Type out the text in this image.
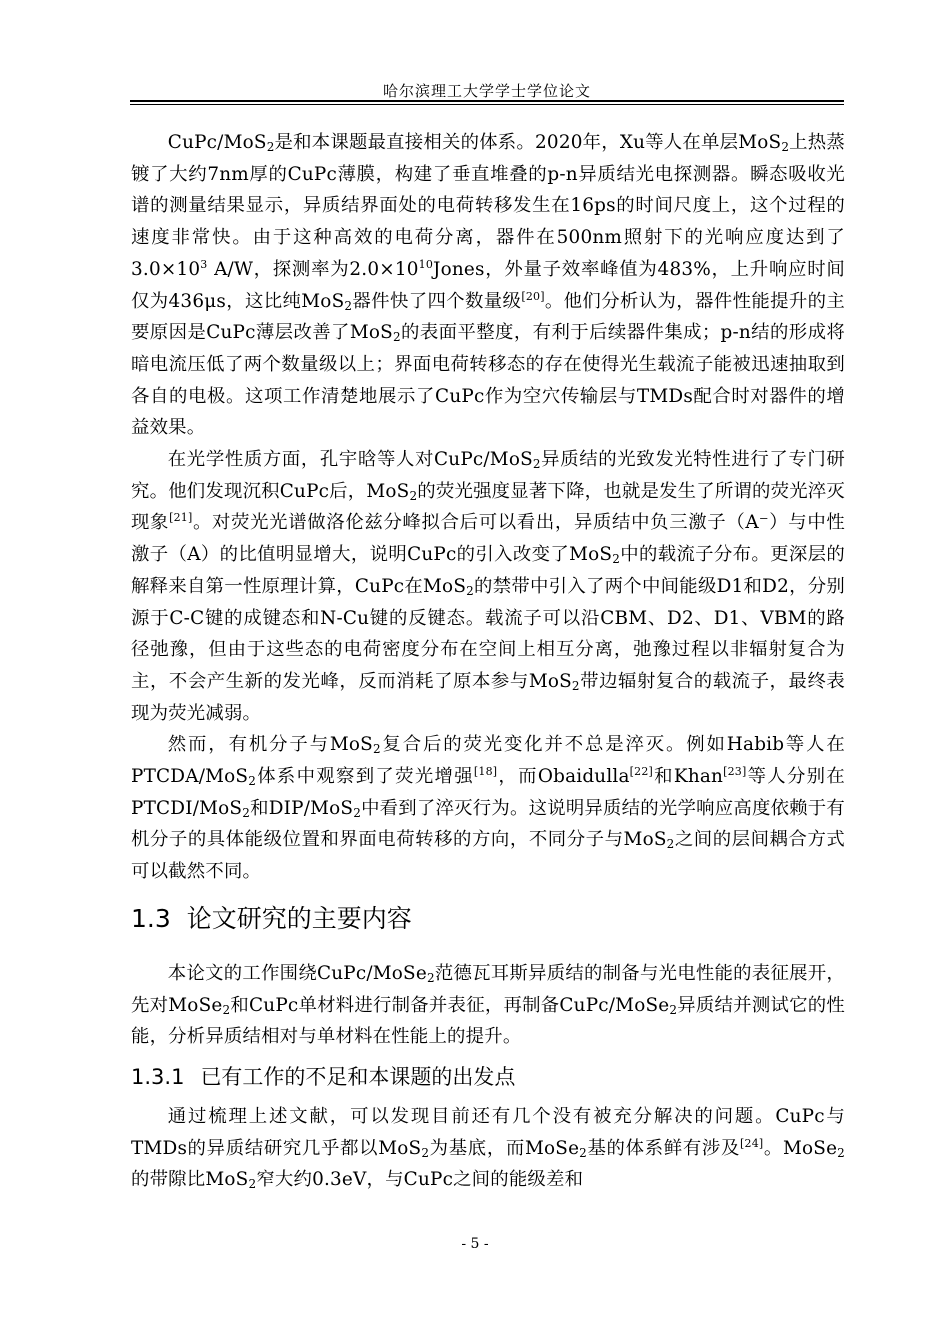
哈尔滨理工大学学士学位论文

CuPc/MoS$_2$是和本课题最直接相关的体系。2020年，Xu等人在单层MoS$_2$上热蒸镀了大约7nm厚的CuPc薄膜，构建了垂直堆叠的p-n异质结光电探测器。瞬态吸收光谱的测量结果显示，异质结界面处的电荷转移发生在16ps的时间尺度上，这个过程的速度非常快。由于这种高效的电荷分离，器件在500nm照射下的光响应度达到了$3.0\times 10^3$ A/W，探测率为$2.0\times 10^{10}Jones$，外量子效率峰值为483%，上升响应时间仅为436μs，这比纯MoS$_2$器件快了四个数量级[20]。他们分析认为，器件性能提升的主要原因是CuPc薄层改善了MoS$_2$的表面平整度，有利于后续器件集成；p-n结的形成将暗电流压低了两个数量级以上；界面电荷转移态的存在使得光生载流子能被迅速抽取到各自的电极。这项工作清楚地展示了CuPc作为空穴传输层与TMDs配合时对器件的增益效果。

在光学性质方面，孔宇晗等人对CuPc/MoS$_2$异质结的光致发光特性进行了专门研究。他们发现沉积CuPc后，MoS$_2$的荧光强度显著下降，也就是发生了所谓的荧光淬灭现象[21]。对荧光光谱做洛伦兹分峰拟合后可以看出，异质结中负三激子（A⁻）与中性激子（A）的比值明显增大，说明CuPc的引入改变了MoS$_2$中的载流子分布。更深层的解释来自第一性原理计算，CuPc在MoS$_2$的禁带中引入了两个中间能级D1和D2，分别源于C-C键的成键态和N-Cu键的反键态。载流子可以沿CBM、D2、D1、VBM的路径弛豫，但由于这些态的电荷密度分布在空间上相互分离，弛豫过程以非辐射复合为主，不会产生新的发光峰，反而消耗了原本参与MoS$_2$带边辐射复合的载流子，最终表现为荧光减弱。

然而，有机分子与MoS$_2$复合后的荧光变化并不总是淬灭。例如Habib等人在PTCDA/MoS$_2$体系中观察到了荧光增强[18]，而Obaidulla[22]和Khan[23]等人分别在PTCDI/MoS$_2$和DIP/MoS$_2$中看到了淬灭行为。这说明异质结的光学响应高度依赖于有机分子的具体能级位置和界面电荷转移的方向，不同分子与MoS$_2$之间的层间耦合方式可以截然不同。

1.3 论文研究的主要内容

本论文的工作围绕CuPc/MoSe$_2$范德瓦耳斯异质结的制备与光电性能的表征展开，先对MoSe$_2$和CuPc单材料进行制备并表征，再制备CuPc/MoSe$_2$异质结并测试它的性能，分析异质结相对与单材料在性能上的提升。

1.3.1 已有工作的不足和本课题的出发点

通过梳理上述文献，可以发现目前还有几个没有被充分解决的问题。CuPc与TMDs的异质结研究几乎都以MoS$_2$为基底，而MoSe$_2$基的体系鲜有涉及[24]。MoSe$_2$的带隙比MoS$_2$窄大约0.3eV，与CuPc之间的能级差和

- 5 -
